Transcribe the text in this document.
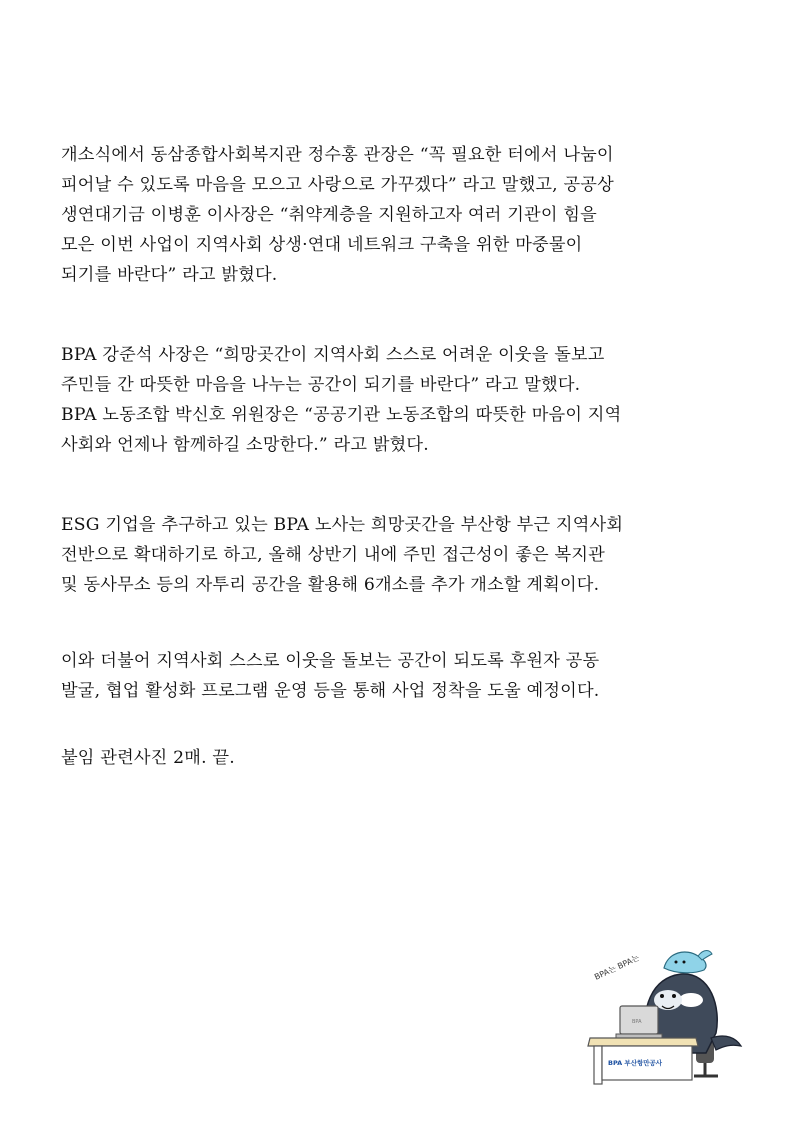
개소식에서 동삼종합사회복지관 정수홍 관장은 “꼭 필요한 터에서 나눔이
피어날 수 있도록 마음을 모으고 사랑으로 가꾸겠다” 라고 말했고, 공공상
생연대기금 이병훈 이사장은 “취약계층을 지원하고자 여러 기관이 힘을
모은 이번 사업이 지역사회 상생·연대 네트워크 구축을 위한 마중물이
되기를 바란다” 라고 밝혔다.
BPA 강준석 사장은 “희망곳간이 지역사회 스스로 어려운 이웃을 돌보고
주민들 간 따뜻한 마음을 나누는 공간이 되기를 바란다” 라고 말했다.
BPA 노동조합 박신호 위원장은 “공공기관 노동조합의 따뜻한 마음이 지역
사회와 언제나 함께하길 소망한다.” 라고 밝혔다.
ESG 기업을 추구하고 있는 BPA 노사는 희망곳간을 부산항 부근 지역사회
전반으로 확대하기로 하고, 올해 상반기 내에 주민 접근성이 좋은 복지관
및 동사무소 등의 자투리 공간을 활용해 6개소를 추가 개소할 계획이다.
이와 더불어 지역사회 스스로 이웃을 돌보는 공간이 되도록 후원자 공동
발굴, 협업 활성화 프로그램 운영 등을 통해 사업 정착을 도울 예정이다.
붙임 관련사진 2매. 끝.
BPA는 BPA는
BPA
BPA 부산항만공사
